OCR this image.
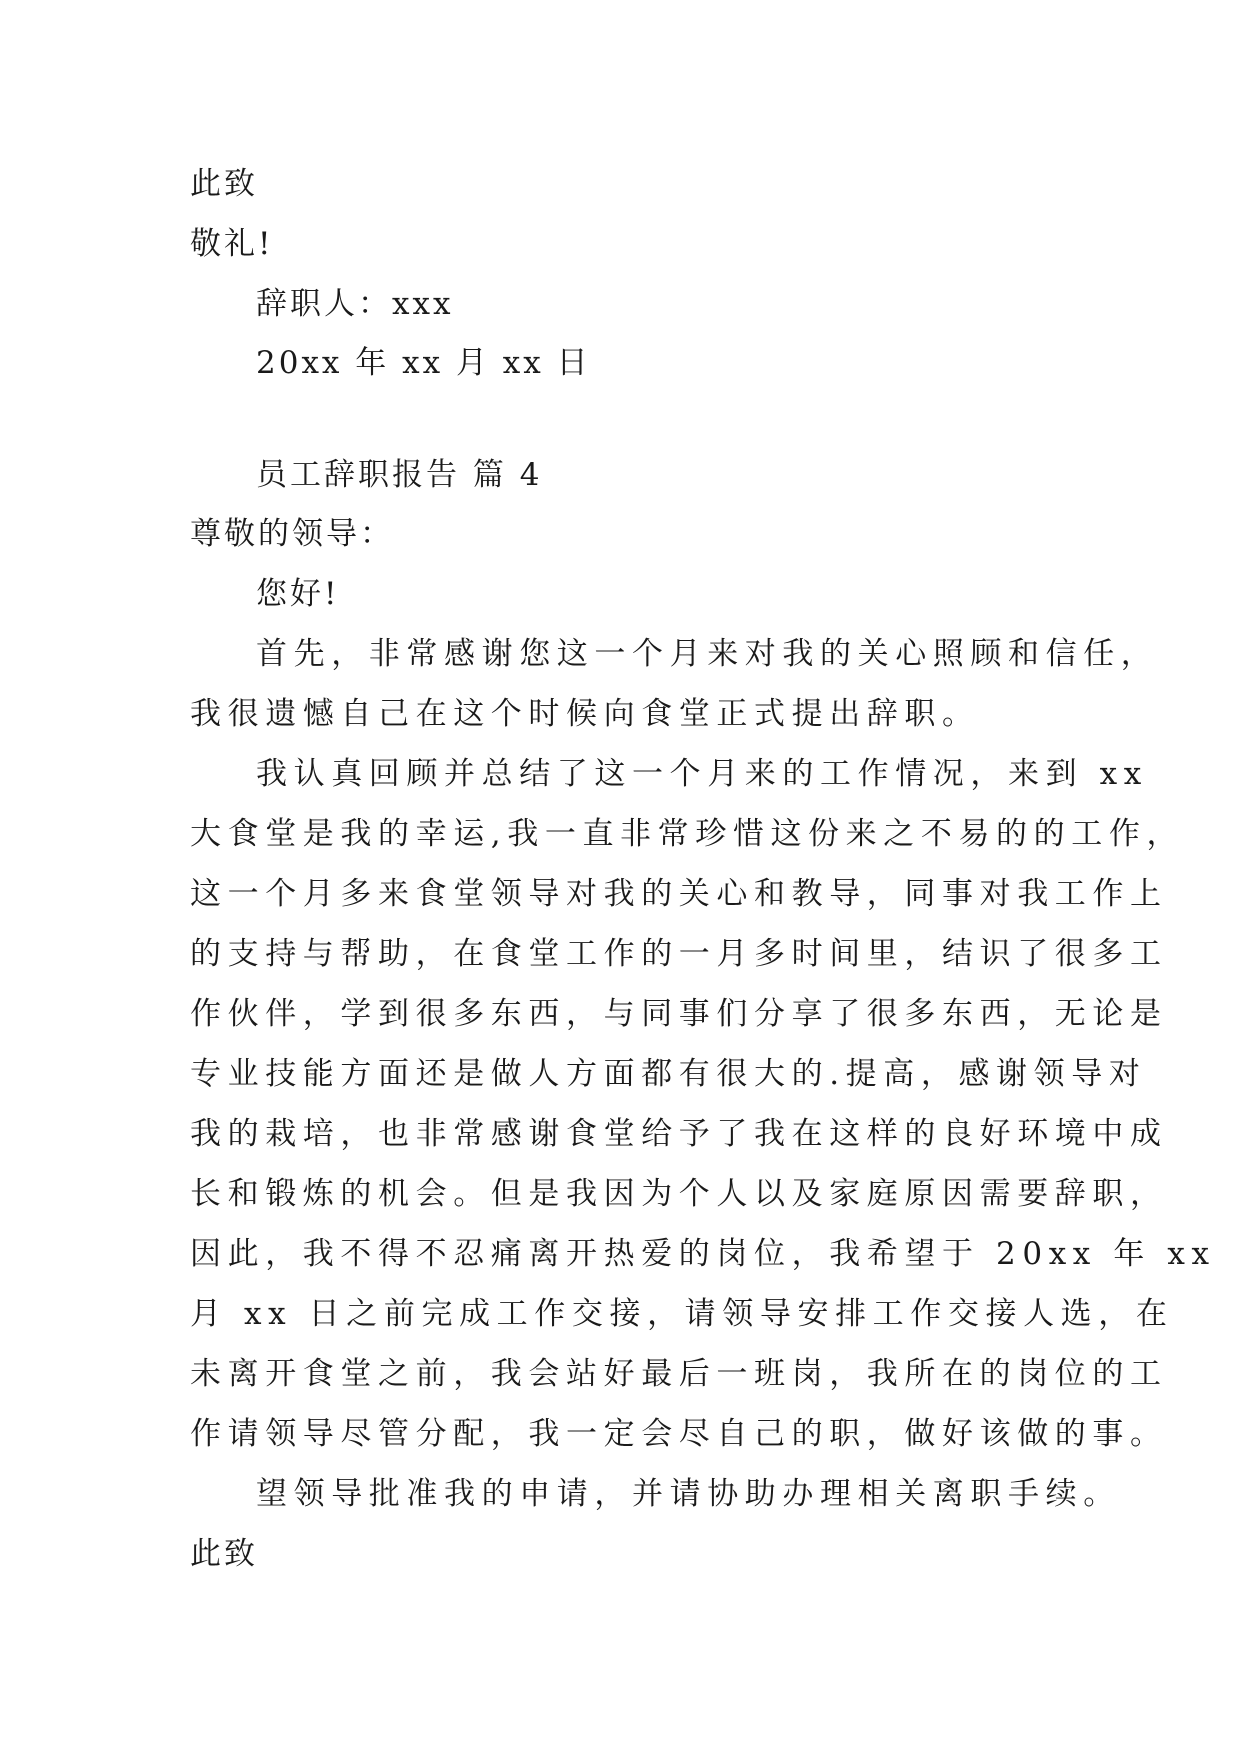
此致
敬礼!
辞职人：xxx
20xx 年 xx 月 xx 日
员工辞职报告 篇 4
尊敬的领导：
您好!
首先，非常感谢您这一个月来对我的关心照顾和信任，
我很遗憾自己在这个时候向食堂正式提出辞职。
我认真回顾并总结了这一个月来的工作情况，来到 xx
大食堂是我的幸运,我一直非常珍惜这份来之不易的的工作，
这一个月多来食堂领导对我的关心和教导，同事对我工作上
的支持与帮助，在食堂工作的一月多时间里，结识了很多工
作伙伴，学到很多东西，与同事们分享了很多东西，无论是
专业技能方面还是做人方面都有很大的.提高，感谢领导对
我的栽培，也非常感谢食堂给予了我在这样的良好环境中成
长和锻炼的机会。但是我因为个人以及家庭原因需要辞职，
因此，我不得不忍痛离开热爱的岗位，我希望于 20xx 年 xx
月 xx 日之前完成工作交接，请领导安排工作交接人选，在
未离开食堂之前，我会站好最后一班岗，我所在的岗位的工
作请领导尽管分配，我一定会尽自己的职，做好该做的事。
望领导批准我的申请，并请协助办理相关离职手续。
此致
